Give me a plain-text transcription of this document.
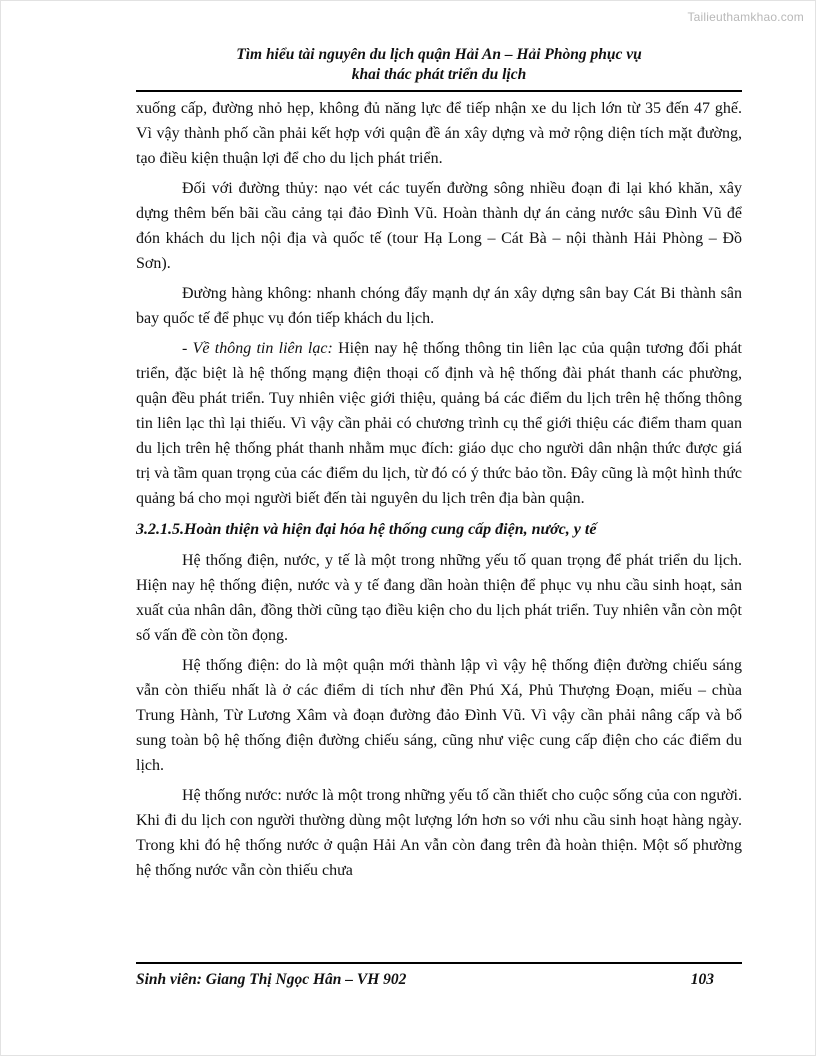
Tailieuthamkhao.com
Tìm hiểu tài nguyên du lịch quận Hải An – Hải Phòng phục vụ
khai thác phát triển du lịch

xuống cấp, đường nhỏ hẹp, không đủ năng lực để tiếp nhận xe du lịch lớn từ 35 đến 47 ghế. Vì vậy thành phố cần phải kết hợp với quận đề án xây dựng và mở rộng diện tích mặt đường, tạo điều kiện thuận lợi để cho du lịch phát triển.

Đối với đường thủy: nạo vét các tuyến đường sông nhiều đoạn đi lại khó khăn, xây dựng thêm bến bãi cầu cảng tại đảo Đình Vũ. Hoàn thành dự án cảng nước sâu Đình Vũ để đón khách du lịch nội địa và quốc tế (tour Hạ Long – Cát Bà – nội thành Hải Phòng – Đồ Sơn).

Đường hàng không: nhanh chóng đẩy mạnh dự án xây dựng sân bay Cát Bi thành sân bay quốc tế để phục vụ đón tiếp khách du lịch.

- Về thông tin liên lạc: Hiện nay hệ thống thông tin liên lạc của quận tương đối phát triển, đặc biệt là hệ thống mạng điện thoại cố định và hệ thống đài phát thanh các phường, quận đều phát triển. Tuy nhiên việc giới thiệu, quảng bá các điểm du lịch trên hệ thống thông tin liên lạc thì lại thiếu. Vì vậy cần phải có chương trình cụ thể giới thiệu các điểm tham quan du lịch trên hệ thống phát thanh nhằm mục đích: giáo dục cho người dân nhận thức được giá trị và tầm quan trọng của các điểm du lịch, từ đó có ý thức bảo tồn. Đây cũng là một hình thức quảng bá cho mọi người biết đến tài nguyên du lịch trên địa bàn quận.

3.2.1.5.Hoàn thiện và hiện đại hóa hệ thống cung cấp điện, nước, y tế

Hệ thống điện, nước, y tế là một trong những yếu tố quan trọng để phát triển du lịch. Hiện nay hệ thống điện, nước và y tế đang dần hoàn thiện để phục vụ nhu cầu sinh hoạt, sản xuất của nhân dân, đồng thời cũng tạo điều kiện cho du lịch phát triển. Tuy nhiên vẫn còn một số vấn đề còn tồn đọng.

Hệ thống điện: do là một quận mới thành lập vì vậy hệ thống điện đường chiếu sáng vẫn còn thiếu nhất là ở các điểm di tích như đền Phú Xá, Phủ Thượng Đoạn, miếu – chùa Trung Hành, Từ Lương Xâm và đoạn đường đảo Đình Vũ. Vì vậy cần phải nâng cấp và bổ sung toàn bộ hệ thống điện đường chiếu sáng, cũng như việc cung cấp điện cho các điểm du lịch.

Hệ thống nước: nước là một trong những yếu tố cần thiết cho cuộc sống của con người. Khi đi du lịch con người thường dùng một lượng lớn hơn so với nhu cầu sinh hoạt hàng ngày. Trong khi đó hệ thống nước ở quận Hải An vẫn còn đang trên đà hoàn thiện. Một số phường hệ thống nước vẫn còn thiếu chưa

Sinh viên: Giang Thị Ngọc Hân – VH 902	103
